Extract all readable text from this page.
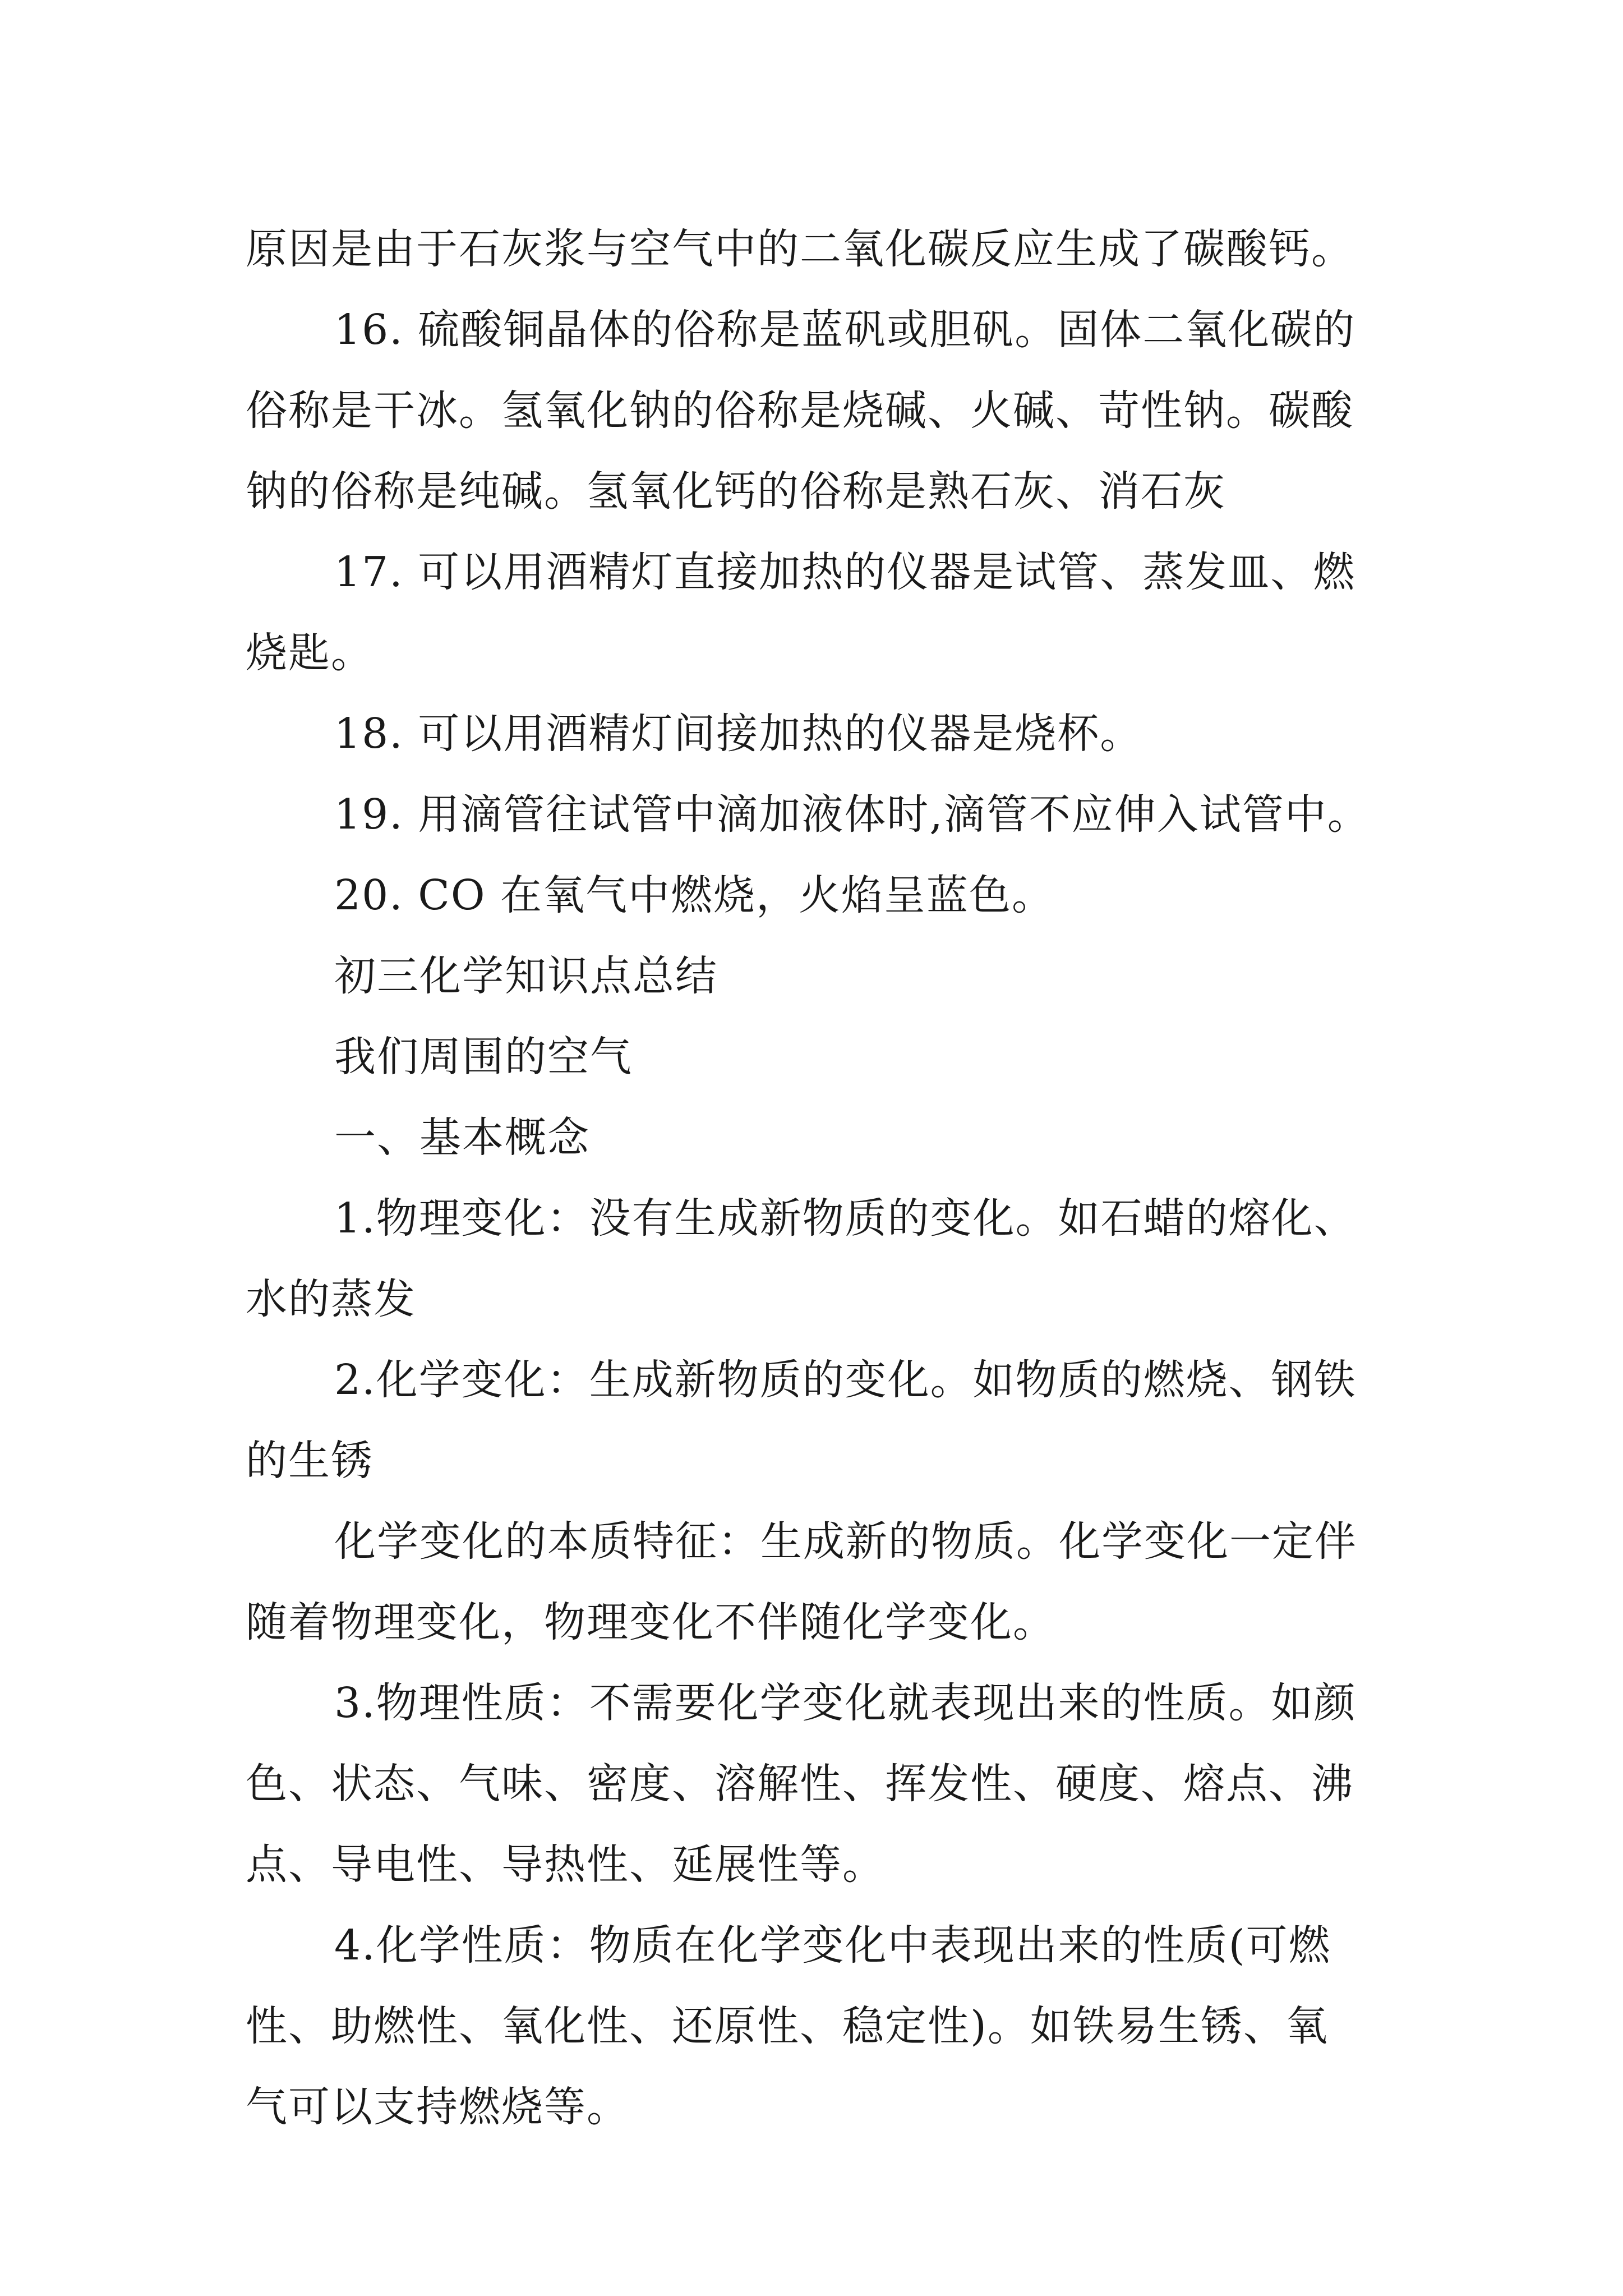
原因是由于石灰浆与空气中的二氧化碳反应生成了碳酸钙。
16. 硫酸铜晶体的俗称是蓝矾或胆矾。固体二氧化碳的
俗称是干冰。氢氧化钠的俗称是烧碱、火碱、苛性钠。碳酸
钠的俗称是纯碱。氢氧化钙的俗称是熟石灰、消石灰
17. 可以用酒精灯直接加热的仪器是试管、蒸发皿、燃
烧匙。
18. 可以用酒精灯间接加热的仪器是烧杯。
19. 用滴管往试管中滴加液体时,滴管不应伸入试管中。
20. CO 在氧气中燃烧，火焰呈蓝色。
初三化学知识点总结
我们周围的空气
一、基本概念
1.物理变化：没有生成新物质的变化。如石蜡的熔化、
水的蒸发
2.化学变化：生成新物质的变化。如物质的燃烧、钢铁
的生锈
化学变化的本质特征：生成新的物质。化学变化一定伴
随着物理变化，物理变化不伴随化学变化。
3.物理性质：不需要化学变化就表现出来的性质。如颜
色、状态、气味、密度、溶解性、挥发性、硬度、熔点、沸
点、导电性、导热性、延展性等。
4.化学性质：物质在化学变化中表现出来的性质(可燃
性、助燃性、氧化性、还原性、稳定性)。如铁易生锈、氧
气可以支持燃烧等。
